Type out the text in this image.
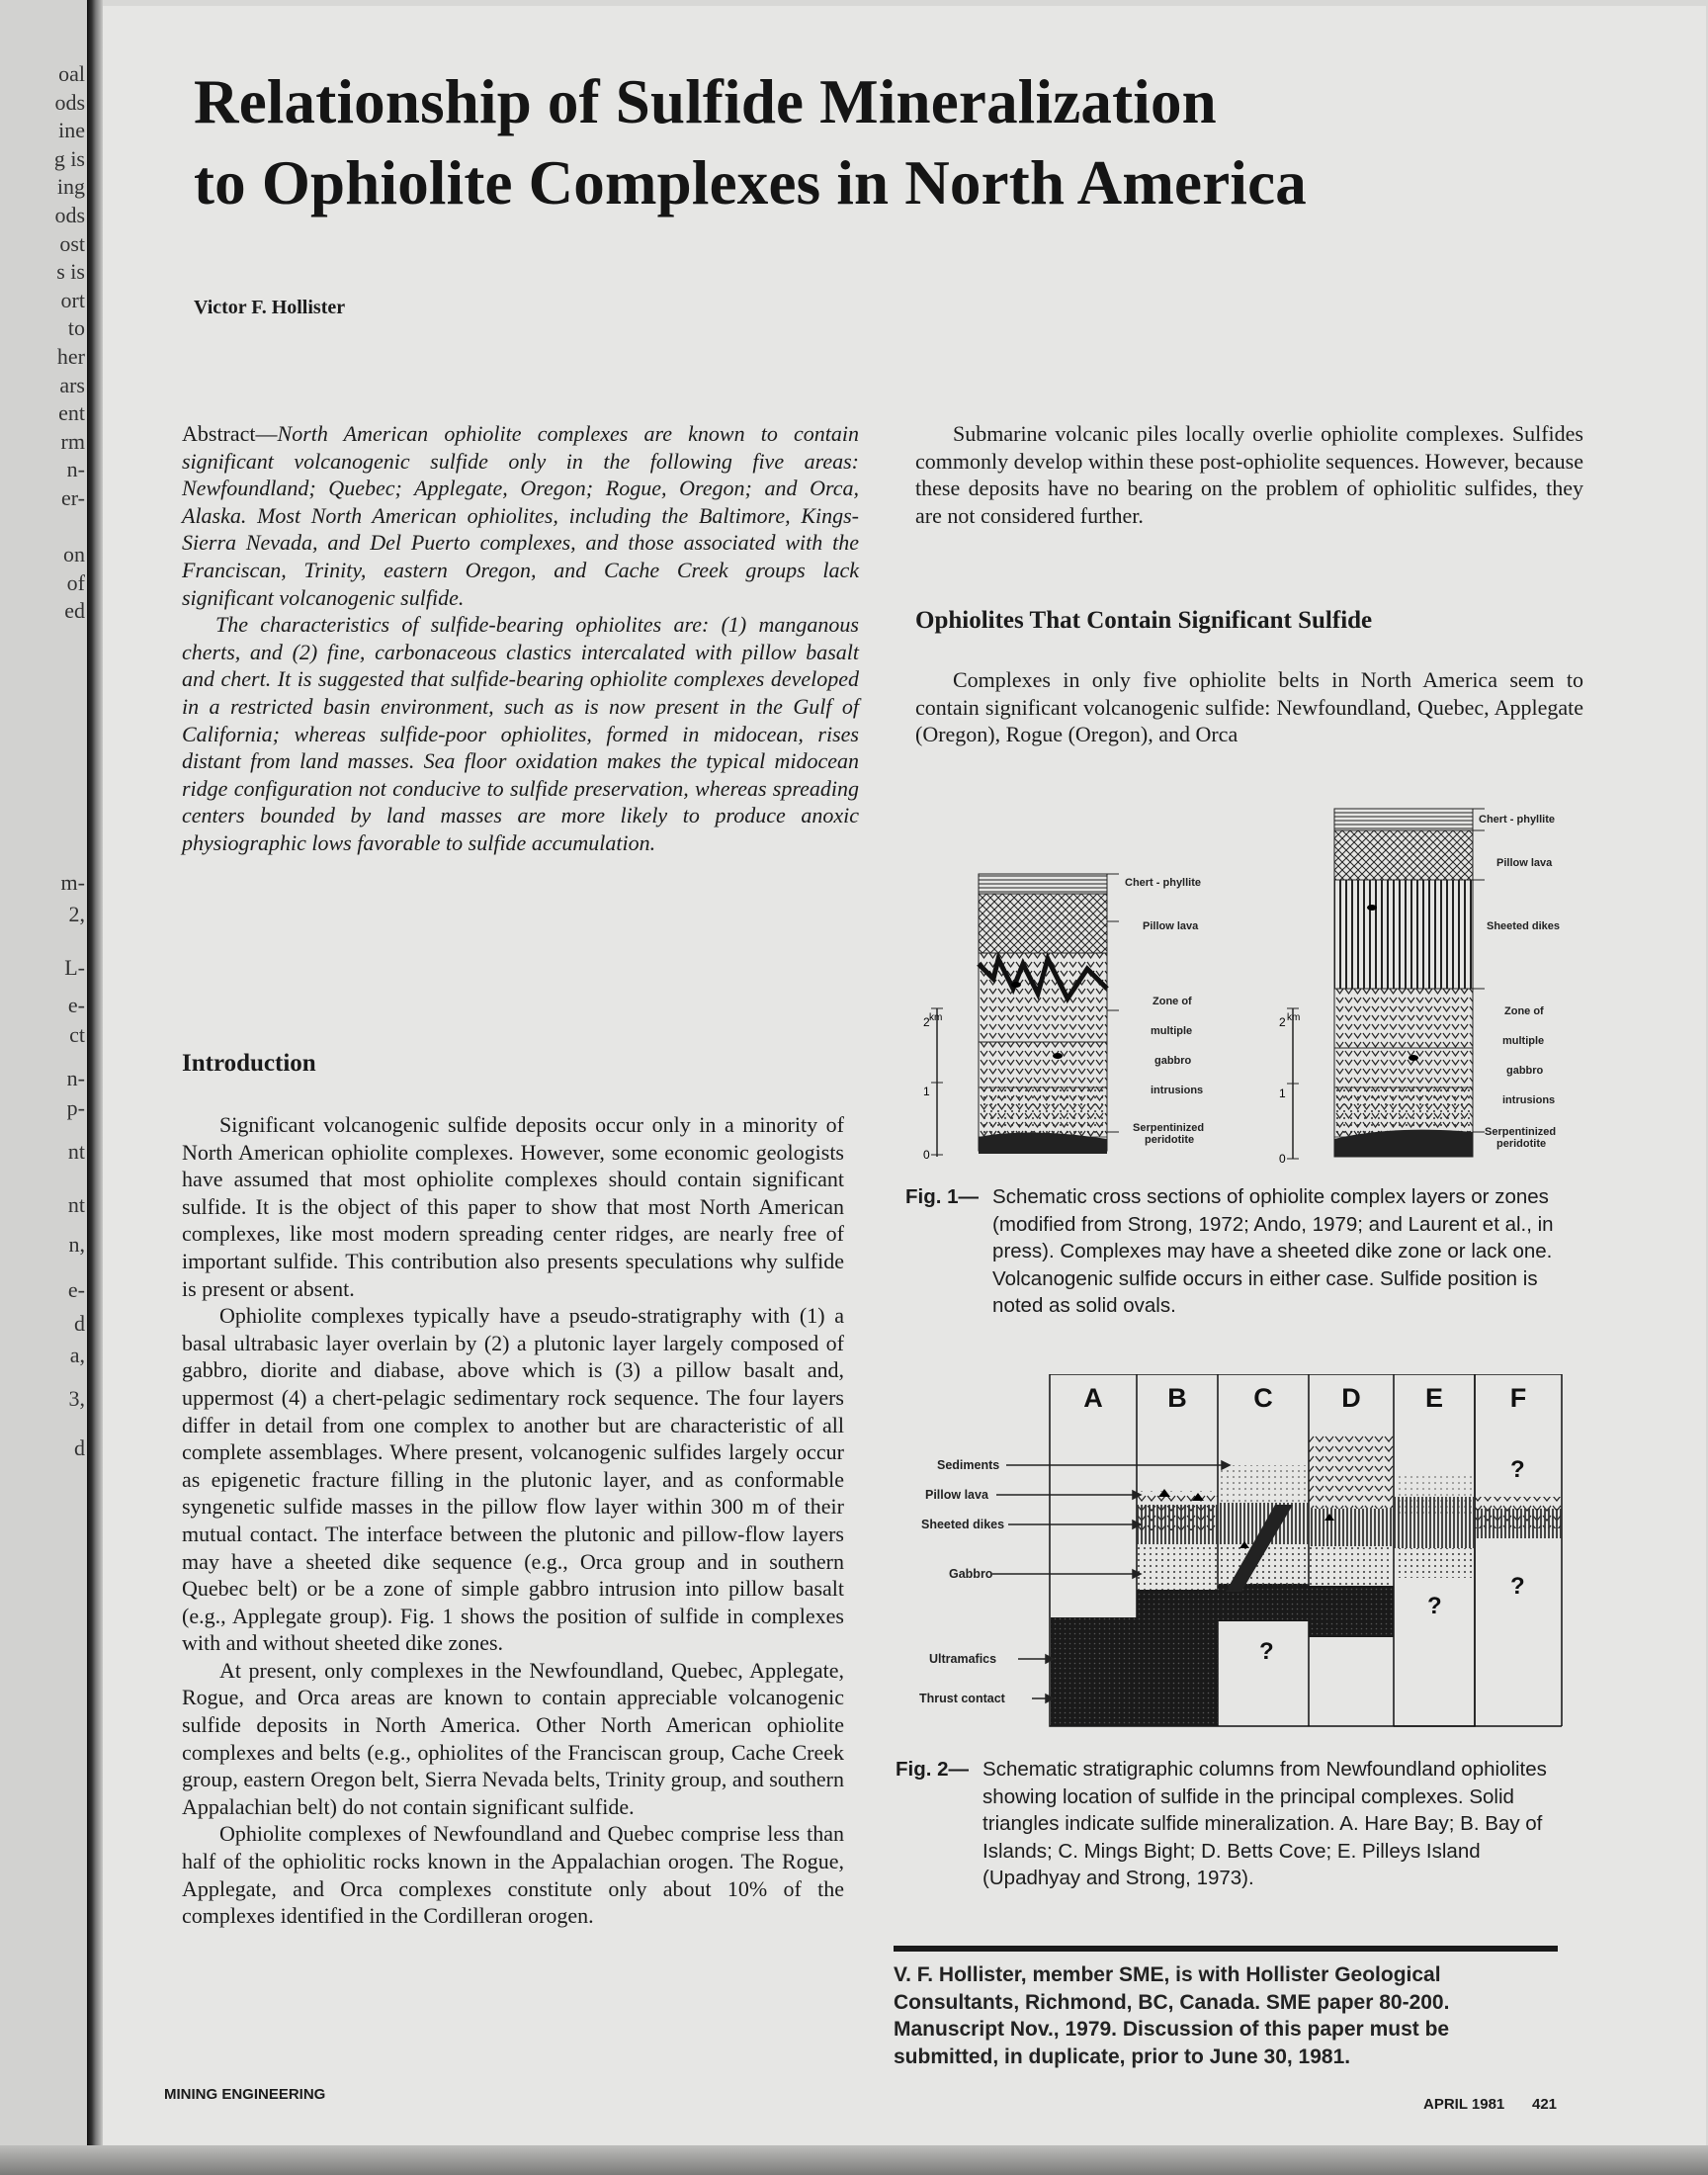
oal
ods
ine
g is
ing
ods
ost
s is
ort
to
her
ars
ent
rm
n-
er-
on
of
ed
m-
2,
L-
e-
ct
n-
p-
nt
nt
n,
e-
d
a,
3,
d
Relationship of Sulfide Mineralization
to Ophiolite Complexes in North America
Victor F. Hollister

Abstract—North American ophiolite complexes are known to contain significant volcanogenic sulfide only in the following five areas: Newfoundland; Quebec; Applegate, Oregon; Rogue, Oregon; and Orca, Alaska. Most North American ophiolites, including the Baltimore, Kings-Sierra Nevada, and Del Puerto complexes, and those associated with the Franciscan, Trinity, eastern Oregon, and Cache Creek groups lack significant volcanogenic sulfide.

The characteristics of sulfide-bearing ophiolites are: (1) manganous cherts, and (2) fine, carbonaceous clastics intercalated with pillow basalt and chert. It is suggested that sulfide-bearing ophiolite complexes developed in a restricted basin environment, such as is now present in the Gulf of California; whereas sulfide-poor ophiolites, formed in midocean, rises distant from land masses. Sea floor oxidation makes the typical midocean ridge configuration not conducive to sulfide preservation, whereas spreading centers bounded by land masses are more likely to produce anoxic physiographic lows favorable to sulfide accumulation.

Introduction

Significant volcanogenic sulfide deposits occur only in a minority of North American ophiolite complexes. However, some economic geologists have assumed that most ophiolite complexes should contain significant sulfide. It is the object of this paper to show that most North American complexes, like most modern spreading center ridges, are nearly free of important sulfide. This contribution also presents speculations why sulfide is present or absent.

Ophiolite complexes typically have a pseudo-stratigraphy with (1) a basal ultrabasic layer overlain by (2) a plutonic layer largely composed of gabbro, diorite and diabase, above which is (3) a pillow basalt and, uppermost (4) a chert-pelagic sedimentary rock sequence. The four layers differ in detail from one complex to another but are characteristic of all complete assemblages. Where present, volcanogenic sulfides largely occur as epigenetic fracture filling in the plutonic layer, and as conformable syngenetic sulfide masses in the pillow flow layer within 300 m of their mutual contact. The interface between the plutonic and pillow-flow layers may have a sheeted dike sequence (e.g., Orca group and in southern Quebec belt) or be a zone of simple gabbro intrusion into pillow basalt (e.g., Applegate group). Fig. 1 shows the position of sulfide in complexes with and without sheeted dike zones.

At present, only complexes in the Newfoundland, Quebec, Applegate, Rogue, and Orca areas are known to contain appreciable volcanogenic sulfide deposits in North America. Other North American ophiolite complexes and belts (e.g., ophiolites of the Franciscan group, Cache Creek group, eastern Oregon belt, Sierra Nevada belts, Trinity group, and southern Appalachian belt) do not contain significant sulfide.

Ophiolite complexes of Newfoundland and Quebec comprise less than half of the ophiolitic rocks known in the Appalachian orogen. The Rogue, Applegate, and Orca complexes constitute only about 10% of the complexes identified in the Cordilleran orogen.

Submarine volcanic piles locally overlie ophiolite complexes. Sulfides commonly develop within these post-ophiolite sequences. However, because these deposits have no bearing on the problem of ophiolitic sulfides, they are not considered further.

Ophiolites That Contain Significant Sulfide

Complexes in only five ophiolite belts in North America seem to contain significant volcanogenic sulfide: Newfoundland, Quebec, Applegate (Oregon), Rogue (Oregon), and Orca

2 km
1
0
Chert - phyllite
Pillow lava
Zone of
multiple
gabbro
intrusions
Serpentinized
peridotite
2 km
1
0
Chert - phyllite
Pillow lava
Sheeted dikes
Zone of
multiple
gabbro
intrusions
Serpentinized
peridotite
Fig. 1— Schematic cross sections of ophiolite complex layers or zones (modified from Strong, 1972; Ando, 1979; and Laurent et al., in press). Complexes may have a sheeted dike zone or lack one. Volcanogenic sulfide occurs in either case. Sulfide position is noted as solid ovals.
A B	C	D E	F
?
?
?
?
Sediments
Pillow lava
Sheeted dikes
Gabbro
Ultramafics
Thrust contact
Fig. 2— Schematic stratigraphic columns from Newfoundland ophiolites showing location of sulfide in the principal complexes. Solid triangles indicate sulfide mineralization. A. Hare Bay; B. Bay of Islands; C. Mings Bight; D. Betts Cove; E. Pilleys Island (Upadhyay and Strong, 1973).
V. F. Hollister, member SME, is with Hollister Geological Consultants, Richmond, BC, Canada. SME paper 80-200. Manuscript Nov., 1979. Discussion of this paper must be submitted, in duplicate, prior to June 30, 1981.
MINING ENGINEERING
APRIL 1981 421
